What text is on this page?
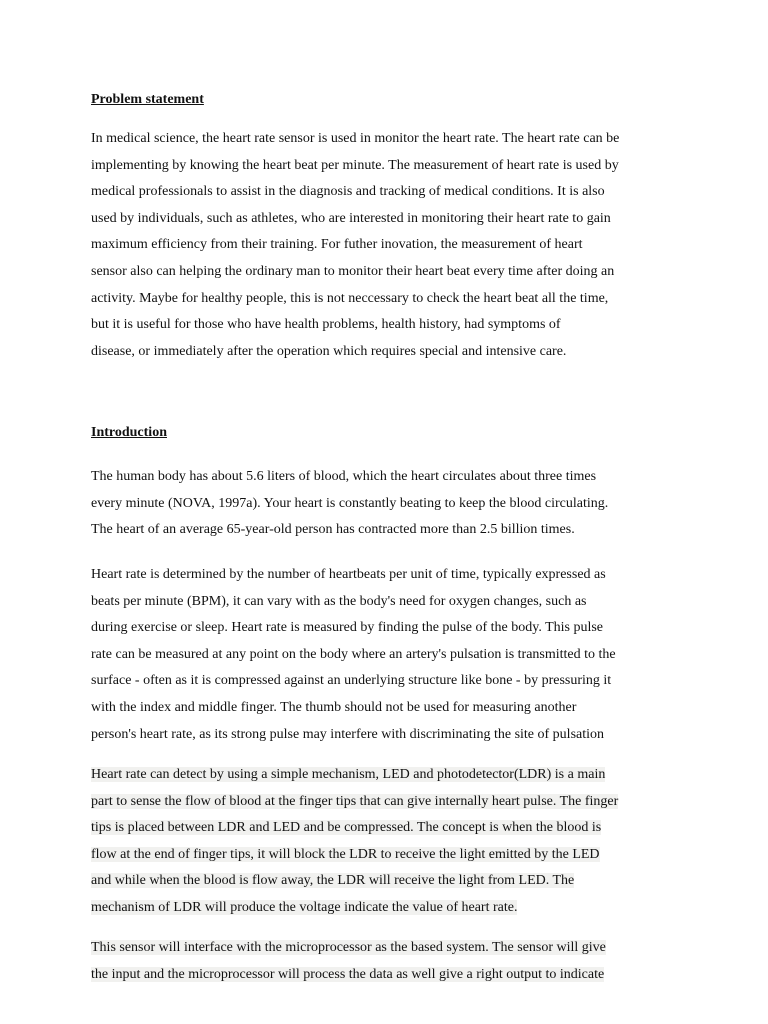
Problem statement
In medical science, the heart rate sensor is used in monitor the heart rate. The heart rate can be
implementing by knowing the heart beat per minute. The measurement of heart rate is used by
medical professionals to assist in the diagnosis and tracking of medical conditions. It is also
used by individuals, such as athletes, who are interested in monitoring their heart rate to gain
maximum efficiency from their training. For futher inovation, the measurement of heart
sensor also can helping the ordinary man to monitor their heart beat every time after doing an
activity. Maybe for healthy people, this is not neccessary to check the heart beat all the time,
but it is useful for those who have health problems, health history, had symptoms of
disease, or immediately after the operation which requires special and intensive care.
Introduction
The human body has about 5.6 liters of blood, which the heart circulates about three times
every minute (NOVA, 1997a). Your heart is constantly beating to keep the blood circulating.
The heart of an average 65-year-old person has contracted more than 2.5 billion times.
Heart rate is determined by the number of heartbeats per unit of time, typically expressed as
beats per minute (BPM), it can vary with as the body's need for oxygen changes, such as
during exercise or sleep. Heart rate is measured by finding the pulse of the body. This pulse
rate can be measured at any point on the body where an artery's pulsation is transmitted to the
surface - often as it is compressed against an underlying structure like bone - by pressuring it
with the index and middle finger. The thumb should not be used for measuring another
person's heart rate, as its strong pulse may interfere with discriminating the site of pulsation
Heart rate can detect by using a simple mechanism, LED and photodetector(LDR) is a main
part to sense the flow of blood at the finger tips that can give internally heart pulse. The finger
tips is placed between LDR and LED and be compressed. The concept is when the blood is
flow at the end of finger tips, it will block the LDR to receive the light emitted by the LED
and while when the blood is flow away, the LDR will receive the light from LED. The
mechanism of LDR will produce the voltage indicate the value of heart rate.
This sensor will interface with the microprocessor as the based system. The sensor will give
the input and the microprocessor will process the data as well give a right output to indicate
